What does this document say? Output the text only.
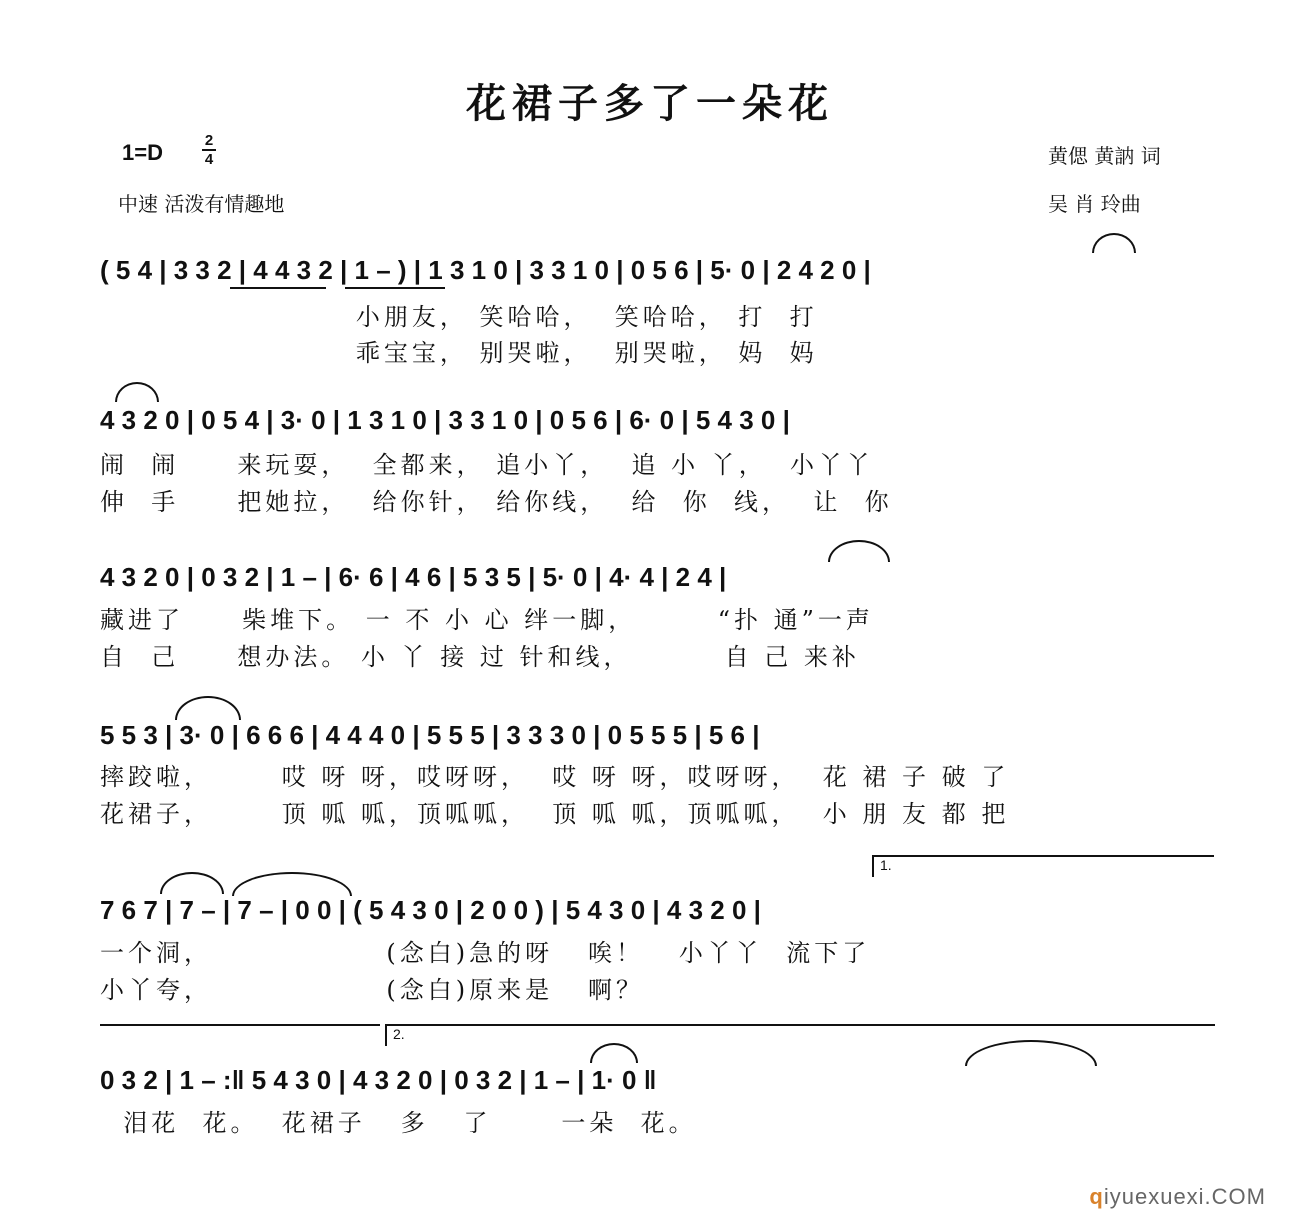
花裙子多了一朵花
1=D	2
4
中速 活泼有情趣地
黄偲 黄訥 词
吴 肖 玲曲
( 5 4 | 3 3 2 | 4 4 3 2 | 1 – ) | 1 3 1 0 | 3 3 1 0 | 0 5 6 | 5· 0 | 2 4 2 0 |
小朋友， 笑哈哈，  笑哈哈， 打  打
乖宝宝， 别哭啦，  别哭啦， 妈  妈
4 3 2 0 | 0 5 4 | 3· 0 | 1 3 1 0 | 3 3 1 0 | 0 5 6 | 6· 0 | 5 4 3 0 |
闹  闹     来玩耍，  全都来， 追小丫，  追 小 丫，  小丫丫
伸  手     把她拉，  给你针， 给你线，  给  你  线，  让  你
4 3 2 0 | 0 3 2 | 1 – | 6· 6 | 4 6 | 5 3 5 | 5· 0 | 4· 4 | 2 4 |
藏进了     柴堆下。 一 不 小 心 绊一脚，       “扑 通”一声
自  己     想办法。 小 丫 接 过 针和线，        自 己 来补
5 5 3 | 3· 0 | 6 6 6 | 4 4 4 0 | 5 5 5 | 3 3 3 0 | 0 5 5 5 | 5 6 |
摔跤啦，      哎 呀 呀，哎呀呀，  哎 呀 呀，哎呀呀，  花 裙 子 破 了
花裙子，      顶 呱 呱，顶呱呱，  顶 呱 呱，顶呱呱，  小 朋 友 都 把
1.
7 6 7 | 7 – | 7 – | 0 0 | ( 5 4 3 0 | 2 0 0 ) | 5 4 3 0 | 4 3 2 0 |
一个洞，               (念白)急的呀   唉！   小丫丫  流下了
小丫夸，               (念白)原来是   啊？
2.
0 3 2 | 1 – :‖ 5 4 3 0 | 4 3 2 0 | 0 3 2 | 1 – | 1· 0 ‖
泪花  花。  花裙子   多   了      一朵  花。
qiyuexuexi.COM
